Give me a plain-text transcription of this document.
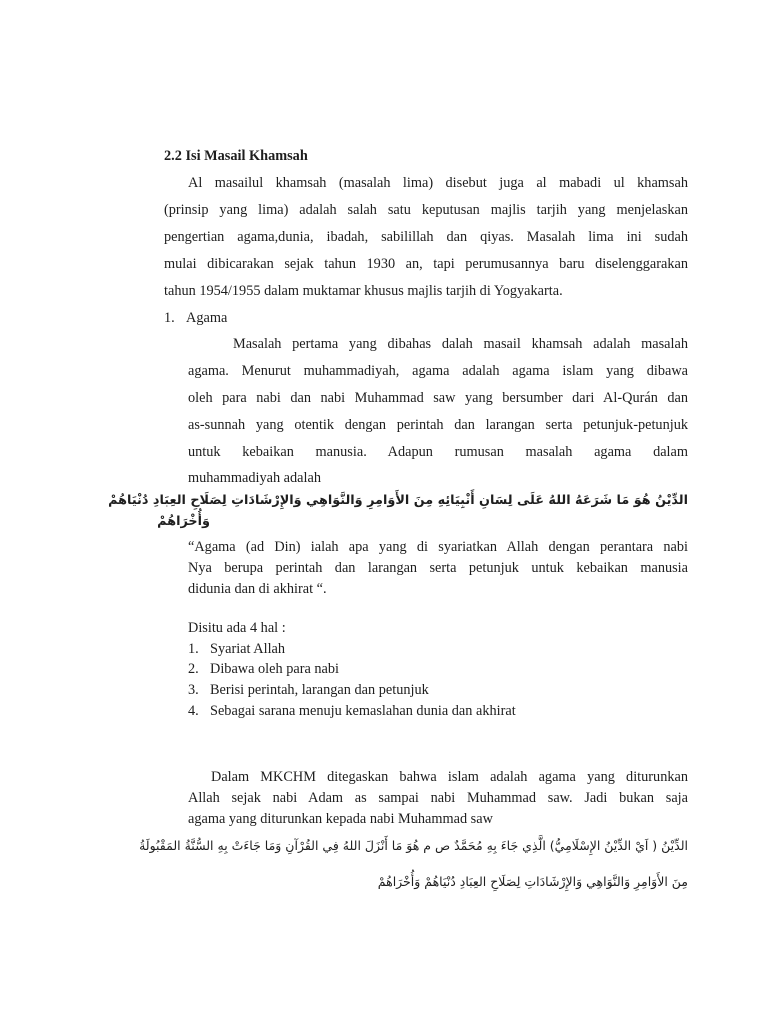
2.2 Isi Masail Khamsah
Al masailul khamsah (masalah lima) disebut juga al mabadi ul khamsah
(prinsip yang lima) adalah salah satu keputusan majlis tarjih yang menjelaskan
pengertian agama,dunia, ibadah, sabilillah dan qiyas. Masalah lima ini sudah
mulai dibicarakan sejak tahun 1930 an, tapi perumusannya baru diselenggarakan
tahun 1954/1955 dalam muktamar khusus majlis tarjih di Yogyakarta.
1. Agama
Masalah pertama yang dibahas dalah masail khamsah adalah masalah
agama. Menurut muhammadiyah, agama adalah agama islam yang dibawa
oleh para nabi dan nabi Muhammad saw yang bersumber dari Al-Qurán dan
as-sunnah yang otentik dengan perintah dan larangan serta petunjuk-petunjuk
untuk kebaikan manusia. Adapun rumusan masalah agama dalam
muhammadiyah adalah
الدِّيْنُ هُوَ مَا شَرَعَهُ اللهُ عَلَى لِسَانِ أَنْبِيَائِهِ مِنَ الأَوَامِرِ وَالنَّوَاهِي وَالإِرْشَادَاتِ لِصَلَاحِ العِبَادِ دُنْيَاهُمْ
وَأُخْرَاهُمْ
“Agama (ad Din) ialah apa yang di syariatkan Allah dengan perantara nabi
Nya berupa perintah dan larangan serta petunjuk untuk kebaikan manusia
didunia dan di akhirat “.
Disitu ada 4 hal :
1. Syariat Allah
2. Dibawa oleh para nabi
3. Berisi perintah, larangan dan petunjuk
4. Sebagai sarana menuju kemaslahan dunia dan akhirat
Dalam MKCHM ditegaskan bahwa islam adalah agama yang diturunkan
Allah sejak nabi Adam as sampai nabi Muhammad saw. Jadi bukan saja
agama yang diturunkan kepada nabi Muhammad saw
الدِّيْنُ ( اَيْ الدِّيْنُ الإِسْلَامِيُّ) الَّذِي جَاءَ بِهِ مُحَمَّدٌ ص م هُوَ مَا أَنْزَلَ اللهُ فِي القُرْآنِ وَمَا جَاءَتْ بِهِ السُّنَّةُ المَقْبُولَةُ
مِنَ الأَوَامِرِ وَالنَّوَاهِي وَالإِرْشَادَاتِ لِصَلَاحِ العِبَادِ دُنْيَاهُمْ وَأُخْرَاهُمْ
